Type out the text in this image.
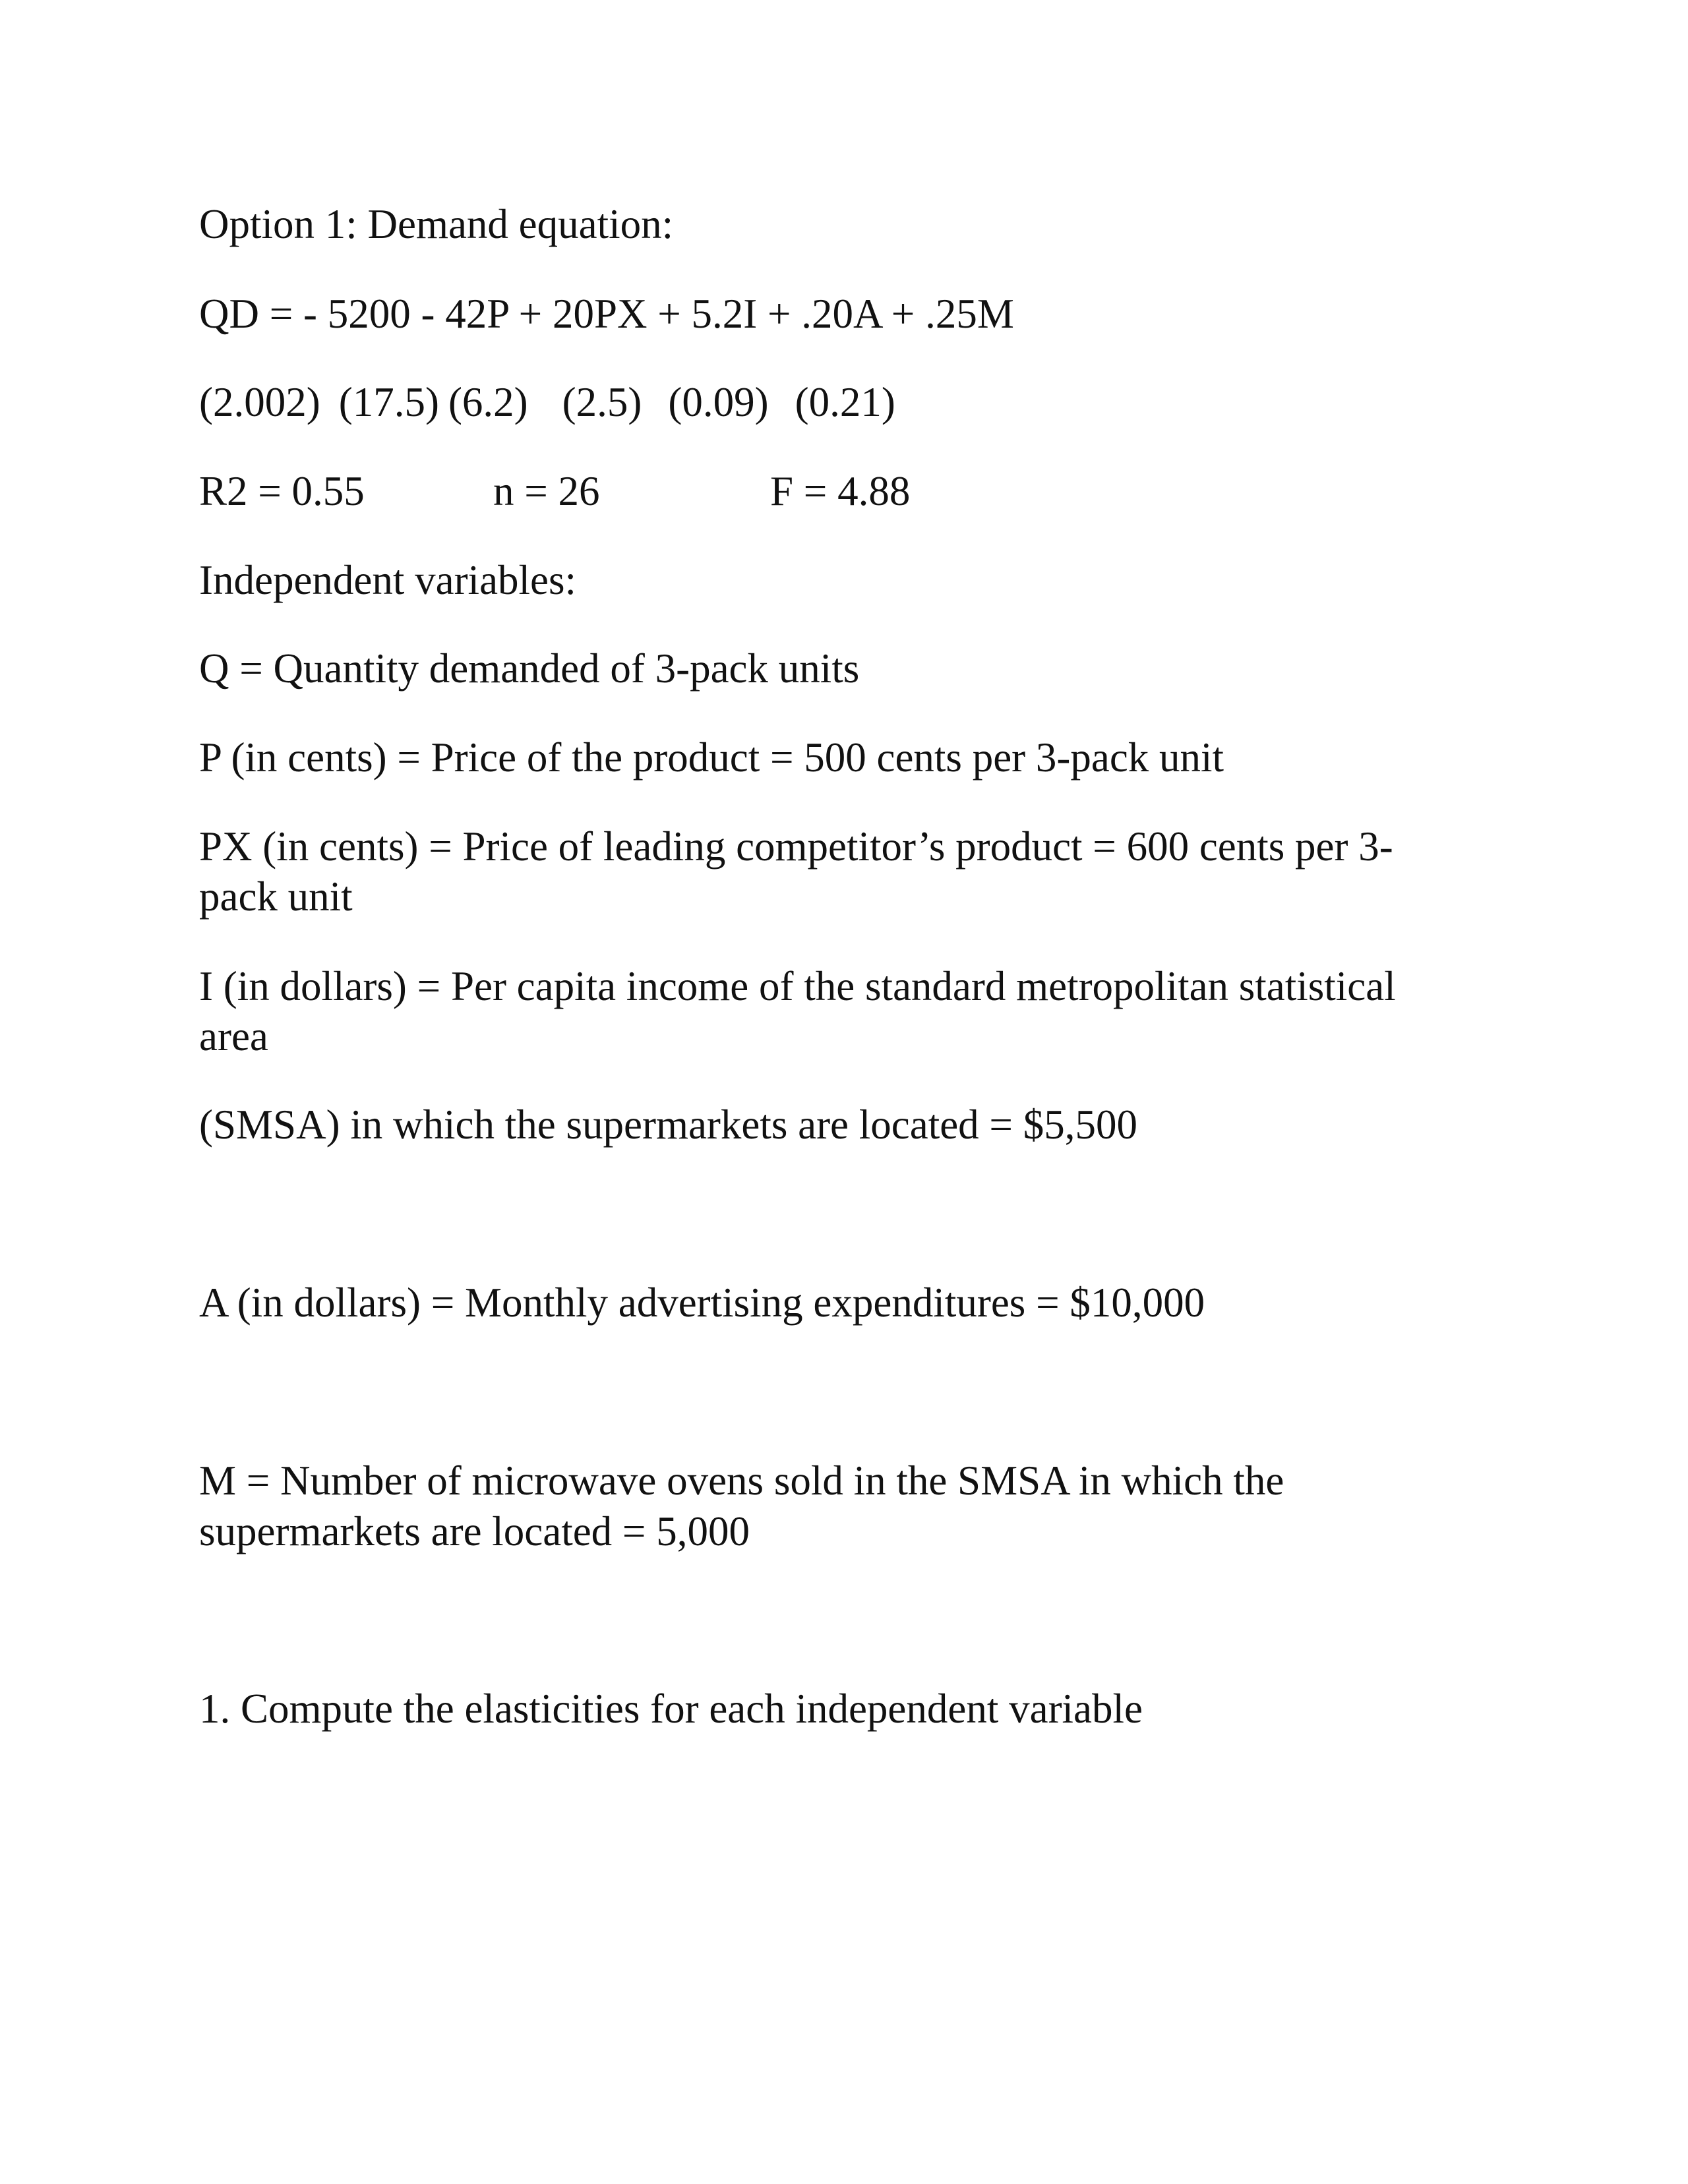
Option 1: Demand equation:
QD = - 5200 - 42P + 20PX + 5.2I + .20A + .25M
(2.002) (17.5) (6.2) (2.5) (0.09) (0.21)
R2 = 0.55	n = 26	F = 4.88
Independent variables:
Q = Quantity demanded of 3-pack units
P (in cents) = Price of the product = 500 cents per 3-pack unit
PX (in cents) = Price of leading competitor’s product = 600 cents per 3-
pack unit
I (in dollars) = Per capita income of the standard metropolitan statistical
area
(SMSA) in which the supermarkets are located = $5,500
A (in dollars) = Monthly advertising expenditures = $10,000
M = Number of microwave ovens sold in the SMSA in which the
supermarkets are located = 5,000
1. Compute the elasticities for each independent variable
